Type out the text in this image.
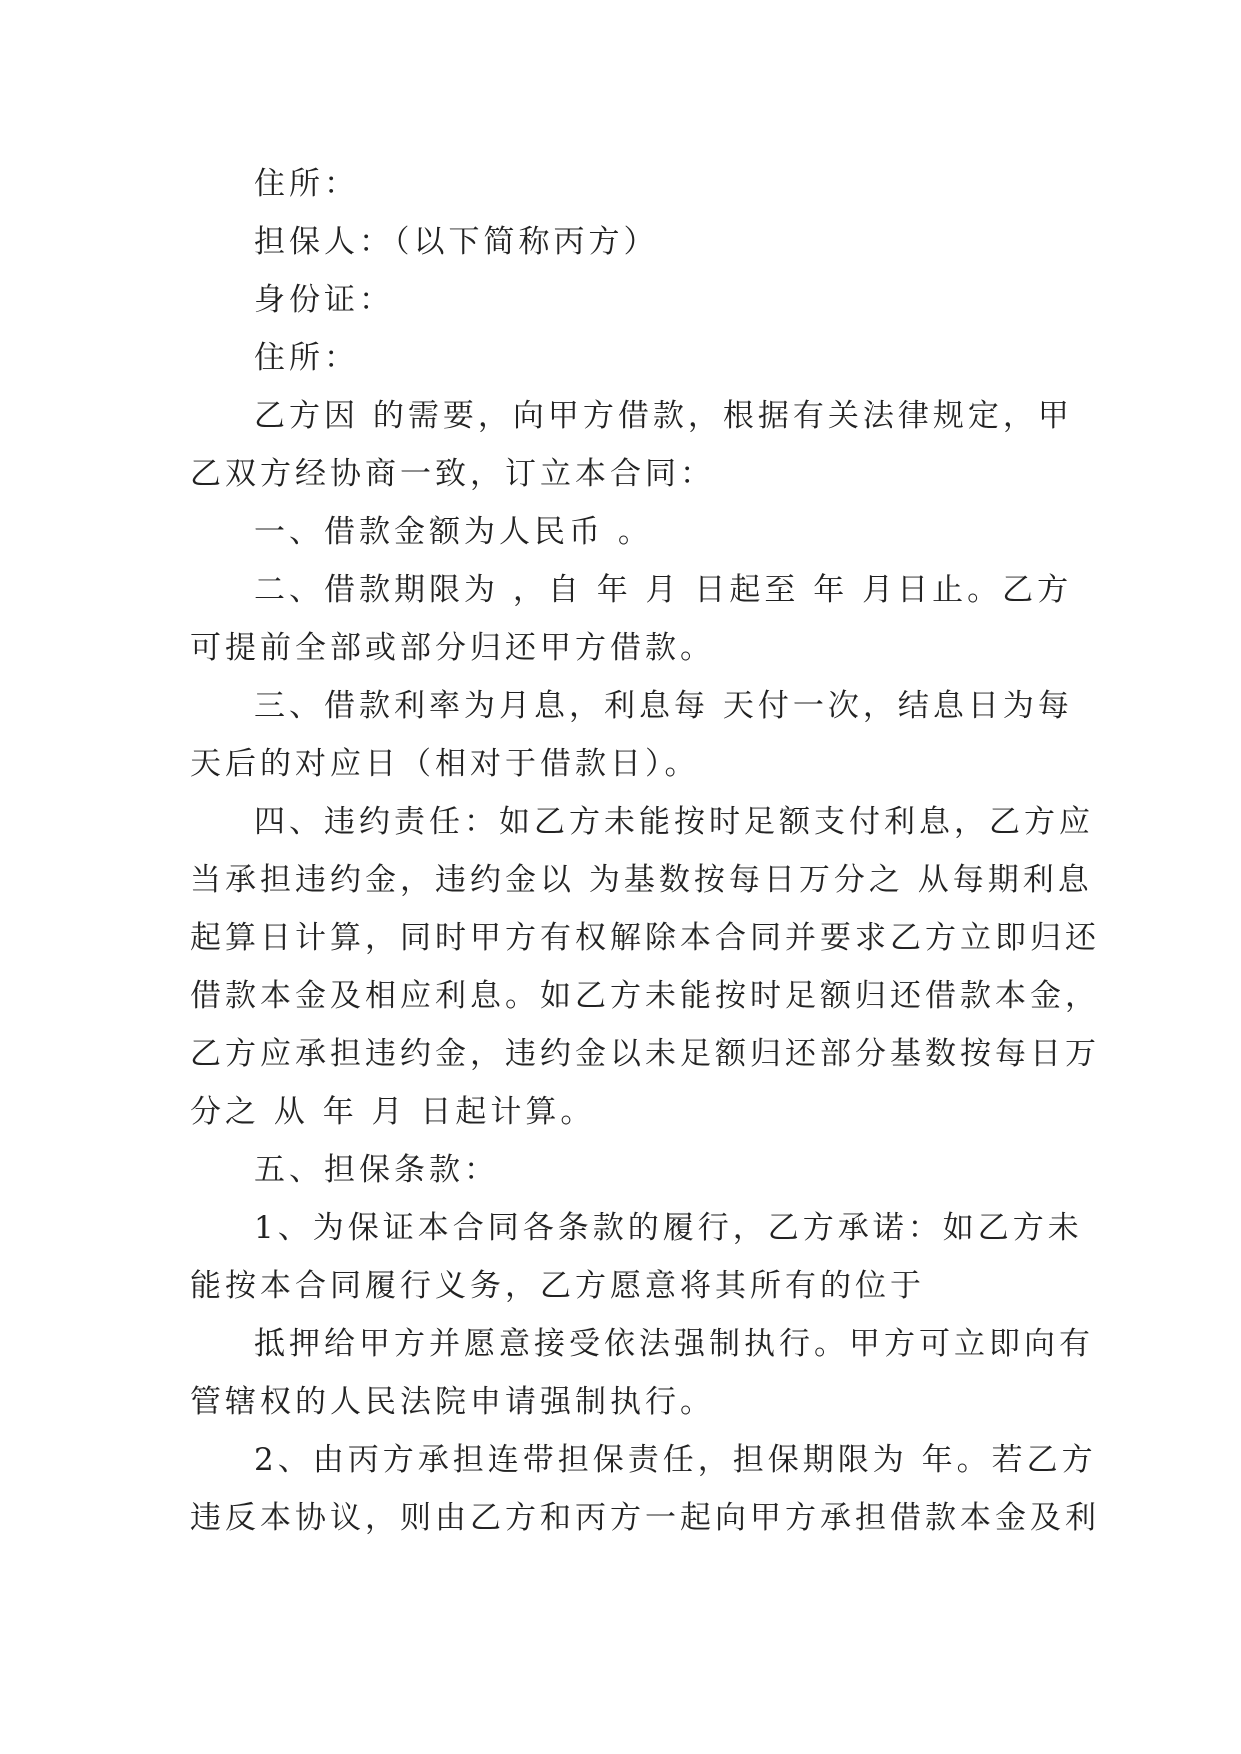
住所：
担保人：（以下简称丙方）
身份证：
住所：
乙方因 的需要，向甲方借款，根据有关法律规定，甲
乙双方经协商一致，订立本合同：
一、借款金额为人民币 。
二、借款期限为 ，自 年 月 日起至 年 月日止。乙方
可提前全部或部分归还甲方借款。
三、借款利率为月息，利息每 天付一次，结息日为每
天后的对应日（相对于借款日）。
四、违约责任：如乙方未能按时足额支付利息，乙方应
当承担违约金，违约金以 为基数按每日万分之 从每期利息
起算日计算，同时甲方有权解除本合同并要求乙方立即归还
借款本金及相应利息。如乙方未能按时足额归还借款本金，
乙方应承担违约金，违约金以未足额归还部分基数按每日万
分之 从 年 月 日起计算。
五、担保条款：
1、为保证本合同各条款的履行，乙方承诺：如乙方未
能按本合同履行义务，乙方愿意将其所有的位于
抵押给甲方并愿意接受依法强制执行。甲方可立即向有
管辖权的人民法院申请强制执行。
2、由丙方承担连带担保责任，担保期限为 年。若乙方
违反本协议，则由乙方和丙方一起向甲方承担借款本金及利
